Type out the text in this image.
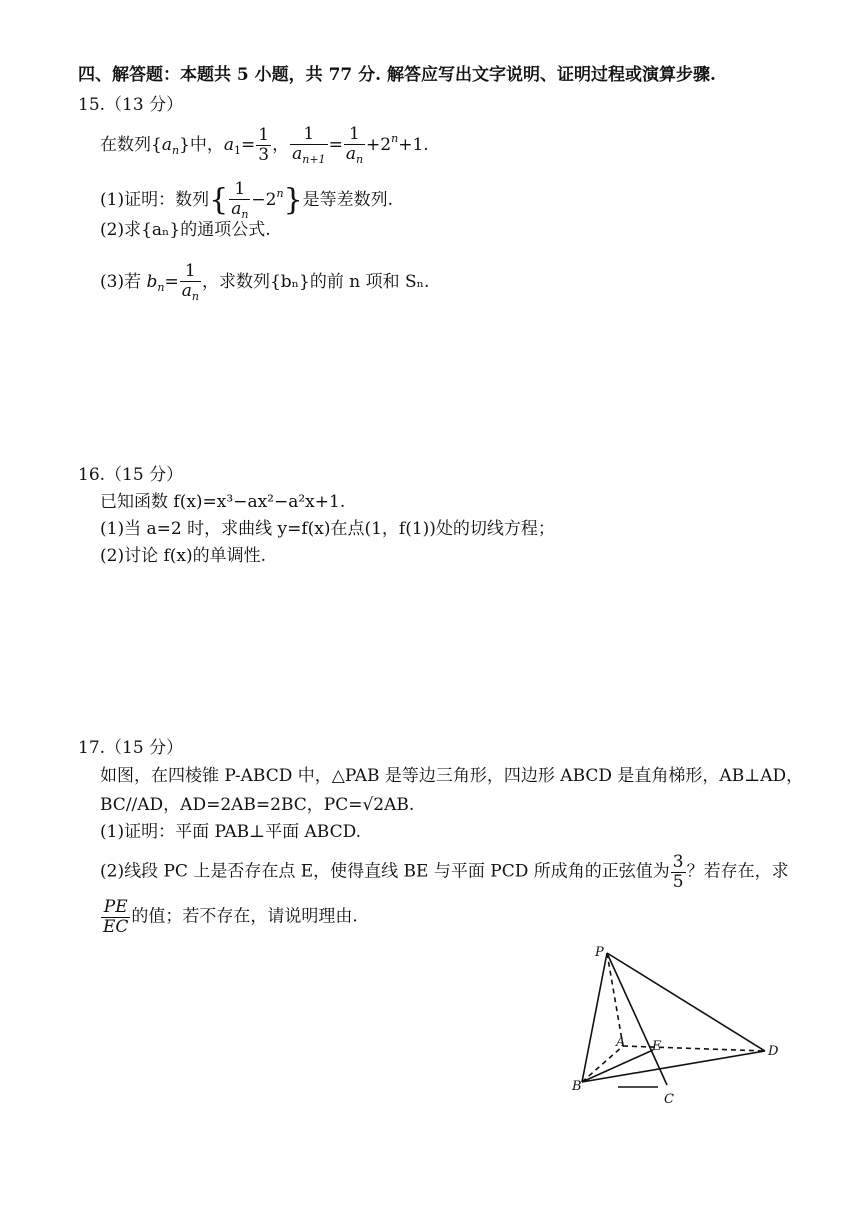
四、解答题：本题共 5 小题，共 77 分. 解答应写出文字说明、证明过程或演算步骤.
15.（13 分）
在数列$\{a_n\}$中，$a_1= \frac{1}{3}$ ， $\frac{1}{a_{n+1}} = \frac{1}{a_n} +2^n+1$.
(1)证明：数列{ $\frac{1}{a_n} -2^n$}是等差数列.
(2)求{aₙ}的通项公式.
(3)若 $b_n= \frac{1}{a_n}$ ，求数列{bₙ}的前 n 项和 Sₙ.
16.（15 分）
已知函数 f(x)=x³−ax²−a²x+1.
(1)当 a=2 时，求曲线 y=f(x)在点(1，f(1))处的切线方程；
(2)讨论 f(x)的单调性.
17.（15 分）
如图，在四棱锥 P-ABCD 中，△PAB 是等边三角形，四边形 ABCD 是直角梯形，AB⊥AD，
BC//AD，AD=2AB=2BC，PC=√2AB.
(1)证明：平面 PAB⊥平面 ABCD.
(2)线段 PC 上是否存在点 E，使得直线 BE 与平面 PCD 所成角的正弦值为 $\frac{3}{5}$ ？若存在，求
$\frac{PE}{EC}$ 的值；若不存在，请说明理由.
P
A E	D
B
C
